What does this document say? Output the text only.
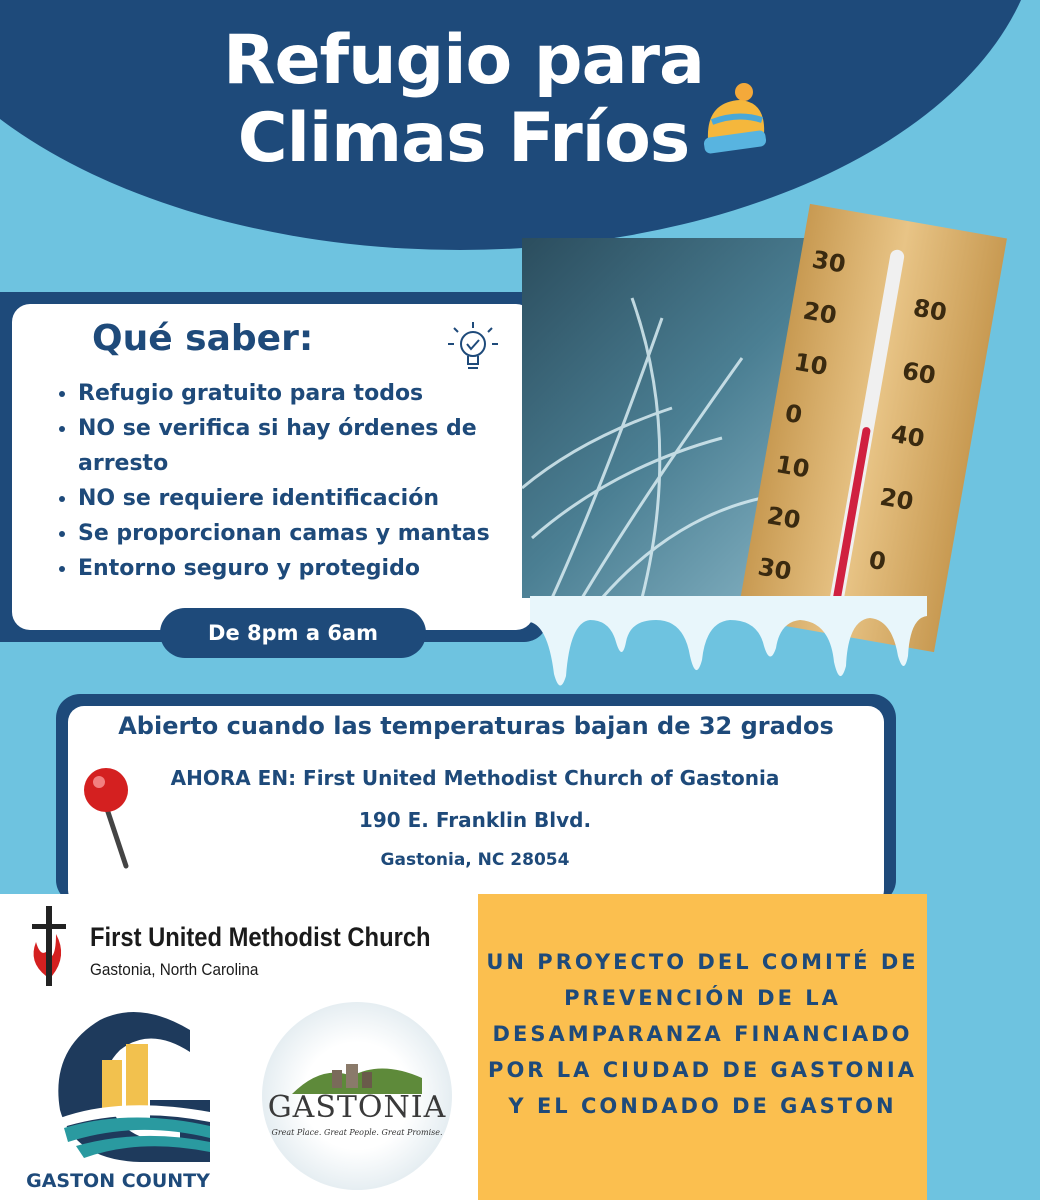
Refugio para
Climas Fríos
Qué saber:
• Refugio gratuito para todos
• NO se verifica si hay órdenes de arresto
• NO se requiere identificación
• Se proporcionan camas y mantas
• Entorno seguro y protegido
De 8pm a 6am
30
20
10
0
10
20
30
80
60
40
20
0
Abierto cuando las temperaturas bajan de 32 grados
AHORA EN: First United Methodist Church of Gastonia
190 E. Franklin Blvd.
Gastonia, NC 28054
UN PROYECTO DEL COMITÉ DE PREVENCIÓN DE LA DESAMPARANZA FINANCIADO POR LA CIUDAD DE GASTONIA Y EL CONDADO DE GASTON
First United Methodist Church
Gastonia, North Carolina
GASTON COUNTY
GASTONIA
Great Place. Great People. Great Promise.
